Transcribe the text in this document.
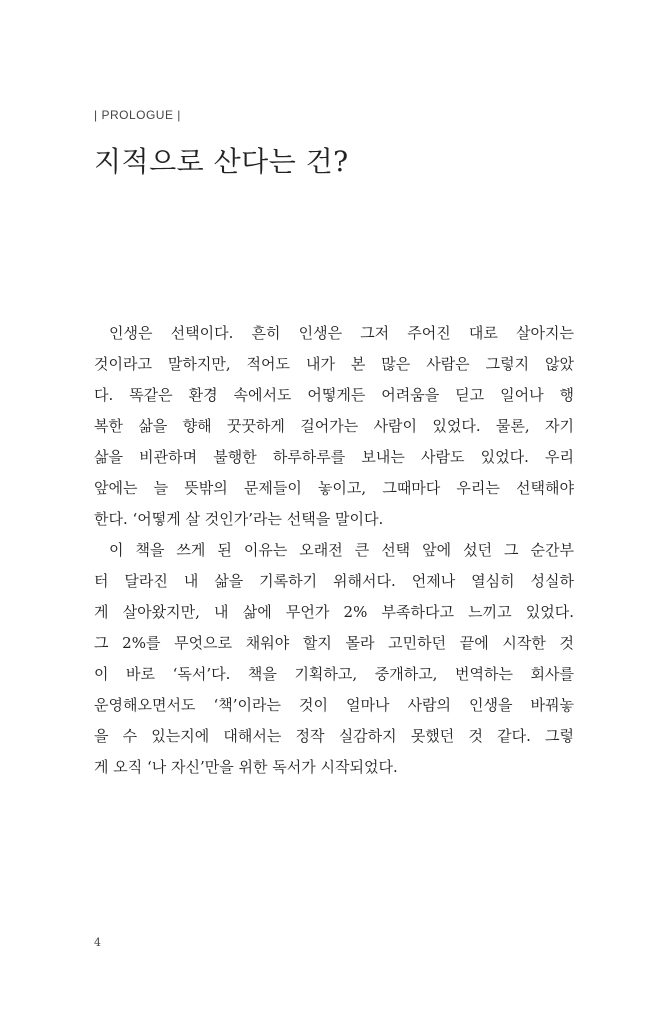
| PROLOGUE |
지적으로 산다는 건?

인생은 선택이다. 흔히 인생은 그저 주어진 대로 살아지는
것이라고 말하지만, 적어도 내가 본 많은 사람은 그렇지 않았
다. 똑같은 환경 속에서도 어떻게든 어려움을 딛고 일어나 행
복한 삶을 향해 꿋꿋하게 걸어가는 사람이 있었다. 물론, 자기
삶을 비관하며 불행한 하루하루를 보내는 사람도 있었다. 우리
앞에는 늘 뜻밖의 문제들이 놓이고, 그때마다 우리는 선택해야
한다. ‘어떻게 살 것인가’라는 선택을 말이다.

이 책을 쓰게 된 이유는 오래전 큰 선택 앞에 섰던 그 순간부
터 달라진 내 삶을 기록하기 위해서다. 언제나 열심히 성실하
게 살아왔지만, 내 삶에 무언가 2% 부족하다고 느끼고 있었다.
그 2%를 무엇으로 채워야 할지 몰라 고민하던 끝에 시작한 것
이 바로 ‘독서’다. 책을 기획하고, 중개하고, 번역하는 회사를
운영해오면서도 ‘책’이라는 것이 얼마나 사람의 인생을 바꿔놓
을 수 있는지에 대해서는 정작 실감하지 못했던 것 같다. 그렇
게 오직 ‘나 자신’만을 위한 독서가 시작되었다.

4
